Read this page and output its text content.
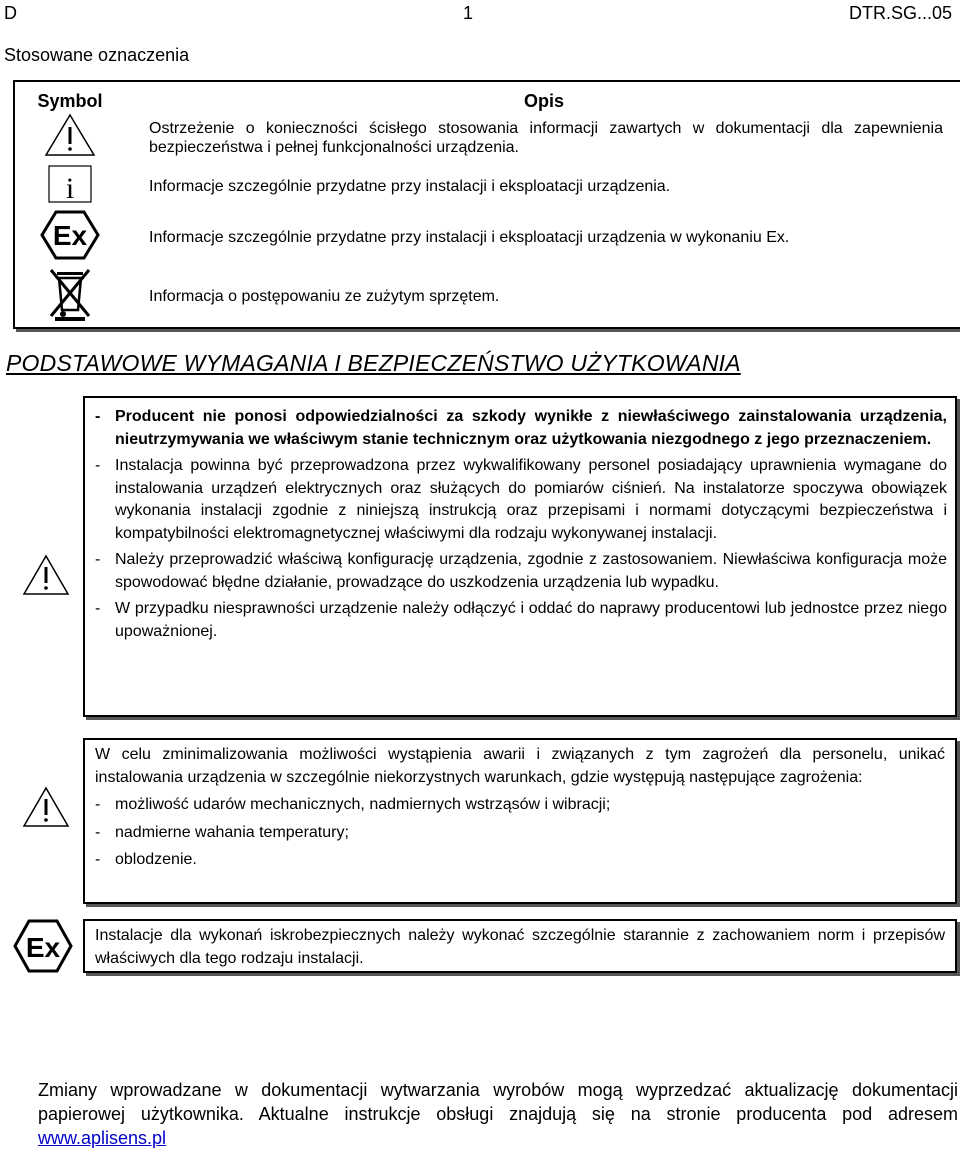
D	1	DTR.SG...05
Stosowane oznaczenia
Symbol	Opis
	Ostrzeżenie o konieczności ścisłego stosowania informacji zawartych w dokumentacji dla zapewnienia bezpieczeństwa i pełnej funkcjonalności urządzenia.

i	Informacje szczególnie przydatne przy instalacji i eksploatacji urządzenia.

Ex	Informacje szczególnie przydatne przy instalacji i eksploatacji urządzenia w wykonaniu Ex.
	Informacja o postępowaniu ze zużytym sprzętem.
PODSTAWOWE WYMAGANIA I BEZPIECZEŃSTWO UŻYTKOWANIA

- Producent nie ponosi odpowiedzialności za szkody wynikłe z niewłaściwego zainstalowania urządzenia, nieutrzymywania we właściwym stanie technicznym oraz użytkowania niezgodnego z jego przeznaczeniem.

- Instalacja powinna być przeprowadzona przez wykwalifikowany personel posiadający uprawnienia wymagane do instalowania urządzeń elektrycznych oraz służących do pomiarów ciśnień. Na instalatorze spoczywa obowiązek wykonania instalacji zgodnie z niniejszą instrukcją oraz przepisami i normami dotyczącymi bezpieczeństwa i kompatybilności elektromagnetycznej właściwymi dla rodzaju wykonywanej instalacji.

- Należy przeprowadzić właściwą konfigurację urządzenia, zgodnie z zastosowaniem. Niewłaściwa konfiguracja może spowodować błędne działanie, prowadzące do uszkodzenia urządzenia lub wypadku.

- W przypadku niesprawności urządzenie należy odłączyć i oddać do naprawy producentowi lub jednostce przez niego upoważnionej.

W celu zminimalizowania możliwości wystąpienia awarii i związanych z tym zagrożeń dla personelu, unikać instalowania urządzenia w szczególnie niekorzystnych warunkach, gdzie występują następujące zagrożenia:

- możliwość udarów mechanicznych, nadmiernych wstrząsów i wibracji;

- nadmierne wahania temperatury;

- oblodzenie.

Ex Instalacje dla wykonań iskrobezpiecznych należy wykonać szczególnie starannie z zachowaniem norm i przepisów właściwych dla tego rodzaju instalacji.

Zmiany wprowadzane w dokumentacji wytwarzania wyrobów mogą wyprzedzać aktualizację dokumentacji papierowej użytkownika. Aktualne instrukcje obsługi znajdują się na stronie producenta pod adresem www.aplisens.pl
